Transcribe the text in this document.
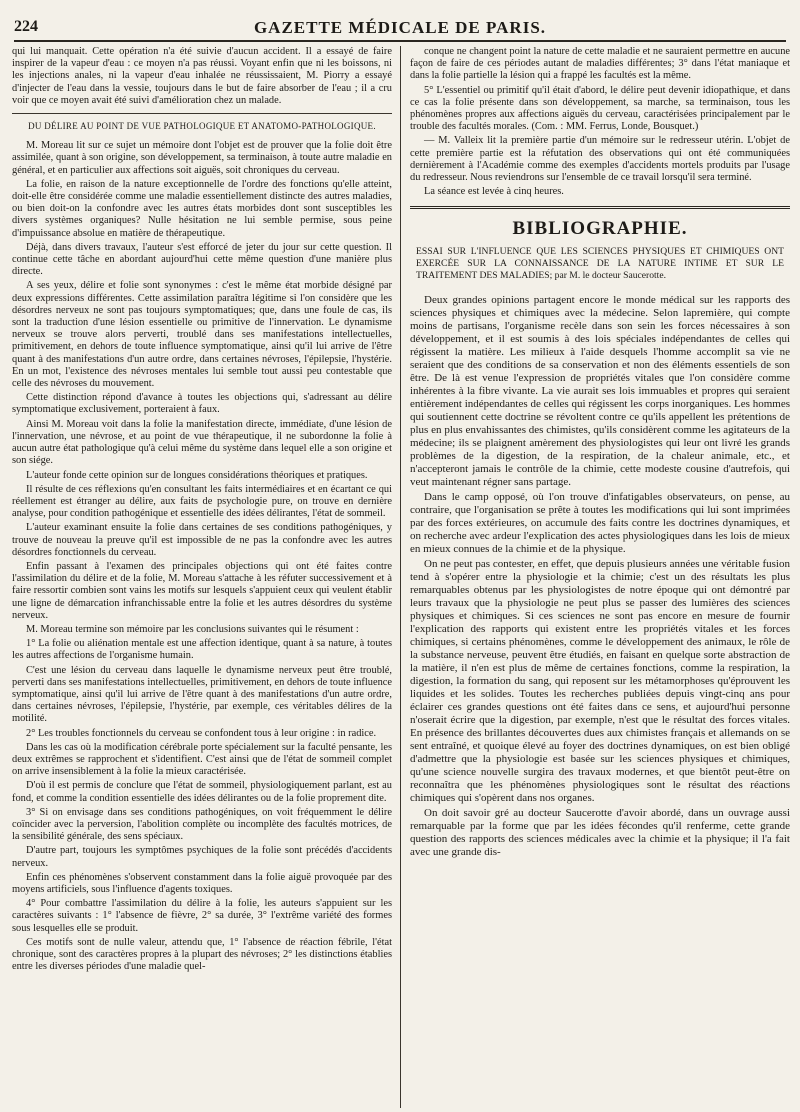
224	GAZETTE MÉDICALE DE PARIS.

qui lui manquait. Cette opération n'a été suivie d'aucun accident. Il a essayé de faire inspirer de la vapeur d'eau : ce moyen n'a pas réussi. Voyant enfin que ni les boissons, ni les injections anales, ni la vapeur d'eau inhalée ne réussissaient, M. Piorry a essayé d'injecter de l'eau dans la vessie, toujours dans le but de faire absorber de l'eau ; il a cru voir que ce moyen avait été suivi d'amélioration chez un malade.

DU DÉLIRE AU POINT DE VUE PATHOLOGIQUE ET ANATOMO-PATHOLOGIQUE.

M. Moreau lit sur ce sujet un mémoire dont l'objet est de prouver que la folie doit être assimilée, quant à son origine, son développement, sa terminaison, à toute autre maladie en général, et en particulier aux affections soit aiguës, soit chroniques du cerveau.

La folie, en raison de la nature exceptionnelle de l'ordre des fonctions qu'elle atteint, doit-elle être considérée comme une maladie essentiellement distincte des autres maladies, ou bien doit-on la confondre avec les autres états morbides dont sont susceptibles les divers systèmes organiques? Nulle hésitation ne lui semble permise, sous peine d'impuissance absolue en matière de thérapeutique.

Déjà, dans divers travaux, l'auteur s'est efforcé de jeter du jour sur cette question. Il continue cette tâche en abordant aujourd'hui cette même question d'une manière plus directe.

A ses yeux, délire et folie sont synonymes : c'est le même état morbide désigné par deux expressions différentes. Cette assimilation paraîtra légitime si l'on considère que les désordres nerveux ne sont pas toujours symptomatiques; que, dans une foule de cas, ils sont la traduction d'une lésion essentielle ou primitive de l'innervation. Le dynamisme nerveux se trouve alors perverti, troublé dans ses manifestations intellectuelles, primitivement, en dehors de toute influence symptomatique, ainsi qu'il lui arrive de l'être quant à des manifestations d'un autre ordre, dans certaines névroses, l'épilepsie, l'hystérie. En un mot, l'existence des névroses mentales lui semble tout aussi peu contestable que celle des névroses du mouvement.

Cette distinction répond d'avance à toutes les objections qui, s'adressant au délire symptomatique exclusivement, porteraient à faux.

Ainsi M. Moreau voit dans la folie la manifestation directe, immédiate, d'une lésion de l'innervation, une névrose, et au point de vue thérapeutique, il ne subordonne la folie à aucun autre état pathologique qu'à celui même du système dans lequel elle a son origine et son siége.

L'auteur fonde cette opinion sur de longues considérations théoriques et pratiques.

Il résulte de ces réflexions qu'en consultant les faits intermédiaires et en écartant ce qui réellement est étranger au délire, aux faits de psychologie pure, on trouve en dernière analyse, pour condition pathogénique et essentielle des idées délirantes, l'état de sommeil.

L'auteur examinant ensuite la folie dans certaines de ses conditions pathogéniques, y trouve de nouveau la preuve qu'il est impossible de ne pas la confondre avec les autres désordres fonctionnels du cerveau.

Enfin passant à l'examen des principales objections qui ont été faites contre l'assimilation du délire et de la folie, M. Moreau s'attache à les réfuter successivement et à faire ressortir combien sont vains les motifs sur lesquels s'appuient ceux qui veulent établir une ligne de démarcation infranchissable entre la folie et les autres désordres du système nerveux.

M. Moreau termine son mémoire par les conclusions suivantes qui le résument :

1° La folie ou aliénation mentale est une affection identique, quant à sa nature, à toutes les autres affections de l'organisme humain.

C'est une lésion du cerveau dans laquelle le dynamisme nerveux peut être troublé, perverti dans ses manifestations intellectuelles, primitivement, en dehors de toute influence symptomatique, ainsi qu'il lui arrive de l'être quant à des manifestations d'un autre ordre, dans certaines névroses, l'épilepsie, l'hystérie, par exemple, ces véritables délires de la motilité.

2° Les troubles fonctionnels du cerveau se confondent tous à leur origine : in radice.

Dans les cas où la modification cérébrale porte spécialement sur la faculté pensante, les deux extrêmes se rapprochent et s'identifient. C'est ainsi que de l'état de sommeil complet on arrive insensiblement à la folie la mieux caractérisée.

D'où il est permis de conclure que l'état de sommeil, physiologiquement parlant, est au fond, et comme la condition essentielle des idées délirantes ou de la folie proprement dite.

3° Si on envisage dans ses conditions pathogéniques, on voit fréquemment le délire coïncider avec la perversion, l'abolition complète ou incomplète des facultés motrices, de la sensibilité générale, des sens spéciaux.

D'autre part, toujours les symptômes psychiques de la folie sont précédés d'accidents nerveux.

Enfin ces phénomènes s'observent constamment dans la folie aiguë provoquée par des moyens artificiels, sous l'influence d'agents toxiques.

4° Pour combattre l'assimilation du délire à la folie, les auteurs s'appuient sur les caractères suivants : 1° l'absence de fièvre, 2° sa durée, 3° l'extrême variété des formes sous lesquelles elle se produit.

Ces motifs sont de nulle valeur, attendu que, 1° l'absence de réaction fébrile, l'état chronique, sont des caractères propres à la plupart des névroses; 2° les distinctions établies entre les diverses périodes d'une maladie quel-

conque ne changent point la nature de cette maladie et ne sauraient permettre en aucune façon de faire de ces périodes autant de maladies différentes; 3° dans l'état maniaque et dans la folie partielle la lésion qui a frappé les facultés est la même.

5° L'essentiel ou primitif qu'il était d'abord, le délire peut devenir idiopathique, et dans ce cas la folie présente dans son développement, sa marche, sa terminaison, tous les phénomènes propres aux affections aiguës du cerveau, caractérisées principalement par le trouble des facultés morales. (Com. : MM. Ferrus, Londe, Bousquet.)

— M. Valleix lit la première partie d'un mémoire sur le redresseur utérin. L'objet de cette première partie est la réfutation des observations qui ont été communiquées dernièrement à l'Académie comme des exemples d'accidents mortels produits par l'usage du redresseur. Nous reviendrons sur l'ensemble de ce travail lorsqu'il sera terminé.

La séance est levée à cinq heures.

BIBLIOGRAPHIE.
ESSAI SUR L'INFLUENCE QUE LES SCIENCES PHYSIQUES ET CHIMIQUES ONT EXERCÉE SUR LA CONNAISSANCE DE LA NATURE INTIME ET SUR LE TRAITEMENT DES MALADIES; par M. le docteur Saucerotte.

Deux grandes opinions partagent encore le monde médical sur les rapports des sciences physiques et chimiques avec la médecine. Selon lapremière, qui compte moins de partisans, l'organisme recèle dans son sein les forces nécessaires à son développement, et il est soumis à des lois spéciales indépendantes de celles qui régissent la matière. Les milieux à l'aide desquels l'homme accomplit sa vie ne seraient que des conditions de sa conservation et non des éléments essentiels de son être. De là est venue l'expression de propriétés vitales que l'on considère comme inhérentes à la fibre vivante. La vie aurait ses lois immuables et propres qui seraient entièrement indépendantes de celles qui régissent les corps inorganiques. Les hommes qui soutiennent cette doctrine se révoltent contre ce qu'ils appellent les prétentions de plus en plus envahissantes des chimistes, qu'ils considèrent comme les agitateurs de la médecine; ils se plaignent amèrement des physiologistes qui leur ont livré les grands problèmes de la digestion, de la respiration, de la chaleur animale, etc., et n'accepteront jamais le contrôle de la chimie, cette modeste cousine d'autrefois, qui veut maintenant régner sans partage.

Dans le camp opposé, où l'on trouve d'infatigables observateurs, on pense, au contraire, que l'organisation se prête à toutes les modifications qui lui sont imprimées par des forces extérieures, on accumule des faits contre les doctrines dynamiques, et on recherche avec ardeur l'explication des actes physiologiques dans les lois de mieux en mieux connues de la chimie et de la physique.

On ne peut pas contester, en effet, que depuis plusieurs années une véritable fusion tend à s'opérer entre la physiologie et la chimie; c'est un des résultats les plus remarquables obtenus par les physiologistes de notre époque qui ont démontré par leurs travaux que la physiologie ne peut plus se passer des lumières des sciences physiques et chimiques. Si ces sciences ne sont pas encore en mesure de fournir l'explication des rapports qui existent entre les propriétés vitales et les forces chimiques, si certains phénomènes, comme le développement des animaux, le rôle de la substance nerveuse, peuvent être étudiés, en faisant en quelque sorte abstraction de la matière, il n'en est plus de même de certaines fonctions, comme la respiration, la digestion, la formation du sang, qui reposent sur les métamorphoses qu'éprouvent les liquides et les solides. Toutes les recherches publiées depuis vingt-cinq ans pour éclairer ces grandes questions ont été faites dans ce sens, et aujourd'hui personne n'oserait écrire que la digestion, par exemple, n'est que le résultat des forces vitales. En présence des brillantes découvertes dues aux chimistes français et allemands on se sent entraîné, et quoique élevé au foyer des doctrines dynamiques, on est bien obligé d'admettre que la physiologie est basée sur les sciences physiques et chimiques, qu'une science nouvelle surgira des travaux modernes, et que bientôt peut-être on reconnaîtra que les phénomènes physiologiques sont le résultat des réactions chimiques qui s'opèrent dans nos organes.

On doit savoir gré au docteur Saucerotte d'avoir abordé, dans un ouvrage aussi remarquable par la forme que par les idées fécondes qu'il renferme, cette grande question des rapports des sciences médicales avec la chimie et la physique; il l'a fait avec une grande dis-
